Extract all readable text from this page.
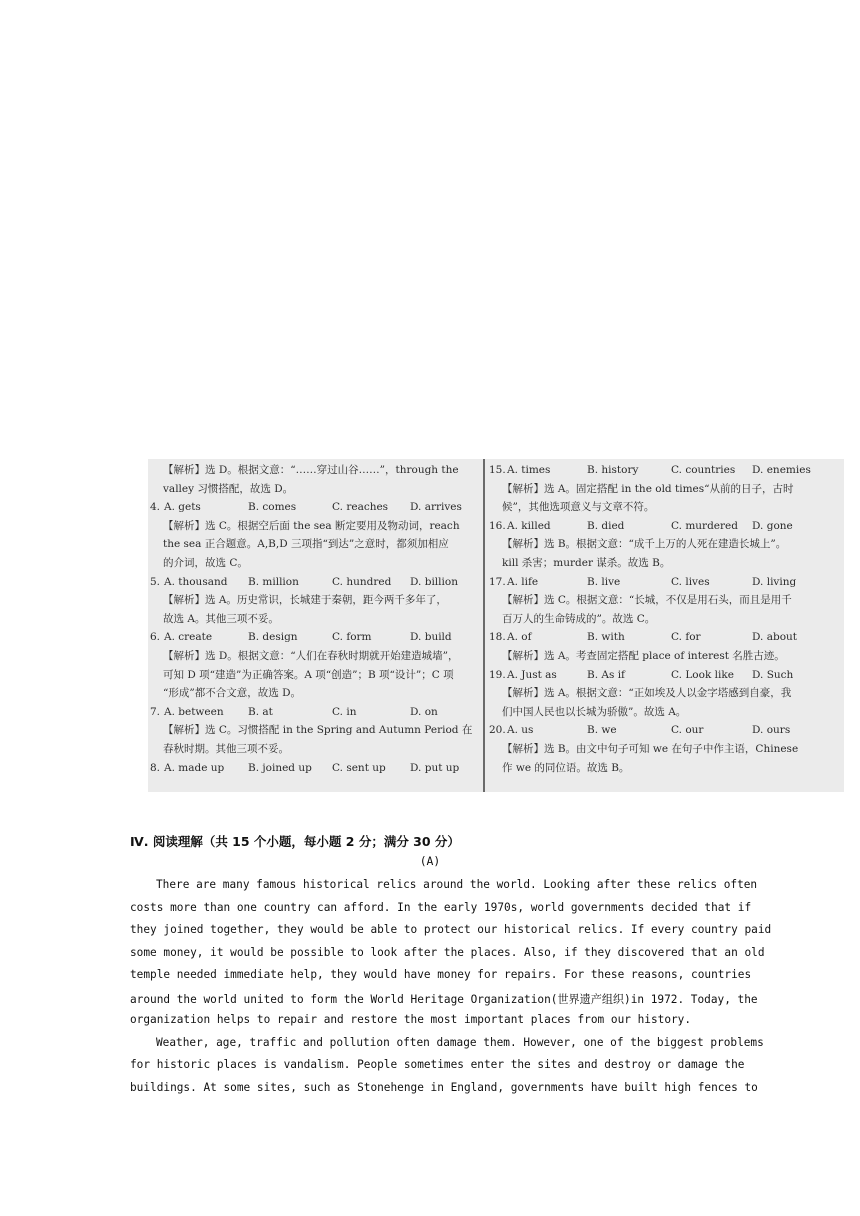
【解析】选 D。根据文意：“……穿过山谷……”，through the
valley 习惯搭配，故选 D。
4. A. gets	B. comes	C. reaches D. arrives
【解析】选 C。根据空后面 the sea 断定要用及物动词，reach
the sea 正合题意。A,B,D 三项指“到达”之意时，都须加相应
的介词，故选 C。
5. A. thousand B. million	C. hundred D. billion
【解析】选 A。历史常识，长城建于秦朝，距今两千多年了，
故选 A。其他三项不妥。
6. A. create	B. design	C. form	D. build
【解析】选 D。根据文意：“人们在春秋时期就开始建造城墙”，
可知 D 项“建造”为正确答案。A 项“创造”；B 项“设计”；C 项
“形成”都不合文意，故选 D。
7. A. between B. at	C. in	D. on
【解析】选 C。习惯搭配 in the Spring and Autumn Period 在
春秋时期。其他三项不妥。
8. A. made up B. joined up C. sent up D. put up
15. A. times	B. history	C. countries D. enemies
【解析】选 A。固定搭配 in the old times“从前的日子，古时
候”，其他选项意义与文章不符。
16. A. killed	B. died	C. murdered D. gone
【解析】选 B。根据文意：“成千上万的人死在建造长城上”。
kill 杀害；murder 谋杀。故选 B。
17. A. life	B. live	C. lives	D. living
【解析】选 C。根据文意：“长城，不仅是用石头，而且是用千
百万人的生命铸成的”。故选 C。
18. A. of	B. with	C. for	D. about
【解析】选 A。考查固定搭配 place of interest 名胜古迹。
19. A. Just as	B. As if	C. Look like D. Such
【解析】选 A。根据文意：“正如埃及人以金字塔感到自豪，我
们中国人民也以长城为骄傲”。故选 A。
20. A. us	B. we	C. our	D. ours
【解析】选 B。由文中句子可知 we 在句子中作主语，Chinese
作 we 的同位语。故选 B。
Ⅳ. 阅读理解（共 15 个小题，每小题 2 分；满分 30 分）
(A)
There are many famous historical relics around the world. Looking after these relics often
costs more than one country can afford. In the early 1970s, world governments decided that if
they joined together, they would be able to protect our historical relics. If every country paid
some money, it would be possible to look after the places. Also, if they discovered that an old
temple needed immediate help, they would have money for repairs. For these reasons, countries
around the world united to form the World Heritage Organization(世界遗产组织)in 1972. Today, the
organization helps to repair and restore the most important places from our history.
Weather, age, traffic and pollution often damage them. However, one of the biggest problems
for historic places is vandalism. People sometimes enter the sites and destroy or damage the
buildings. At some sites, such as Stonehenge in England, governments have built high fences to
